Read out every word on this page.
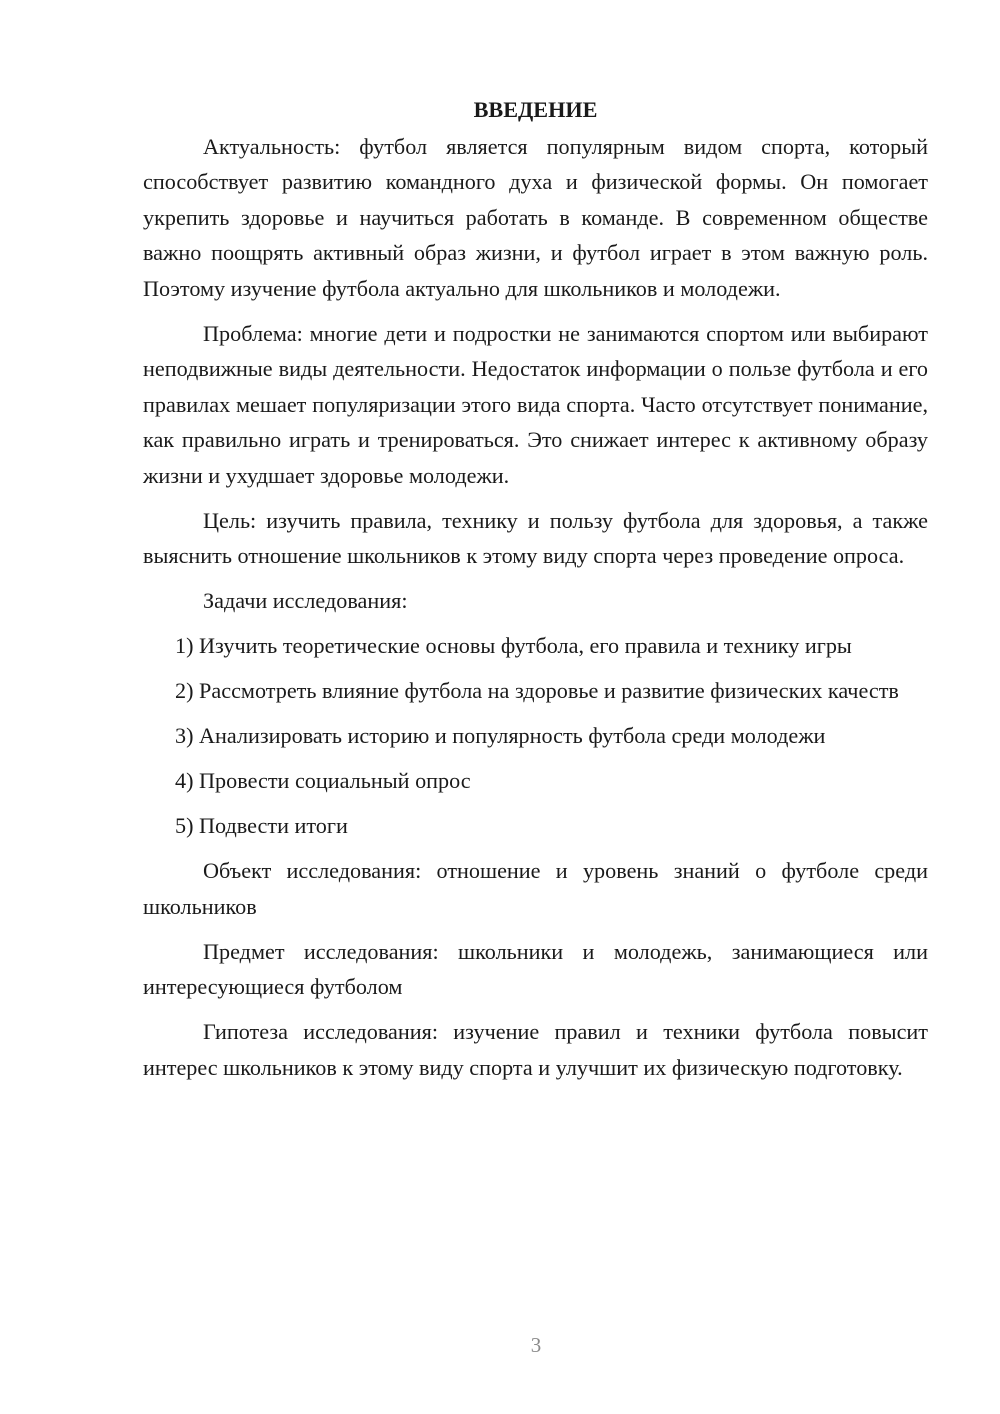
ВВЕДЕНИЕ

Актуальность: футбол является популярным видом спорта, который способствует развитию командного духа и физической формы. Он помогает укрепить здоровье и научиться работать в команде. В современном обществе важно поощрять активный образ жизни, и футбол играет в этом важную роль. Поэтому изучение футбола актуально для школьников и молодежи.

Проблема: многие дети и подростки не занимаются спортом или выбирают неподвижные виды деятельности. Недостаток информации о пользе футбола и его правилах мешает популяризации этого вида спорта. Часто отсутствует понимание, как правильно играть и тренироваться. Это снижает интерес к активному образу жизни и ухудшает здоровье молодежи.

Цель: изучить правила, технику и пользу футбола для здоровья, а также выяснить отношение школьников к этому виду спорта через проведение опроса.

Задачи исследования:

1) Изучить теоретические основы футбола, его правила и технику игры

2) Рассмотреть влияние футбола на здоровье и развитие физических качеств

3) Анализировать историю и популярность футбола среди молодежи

4) Провести социальный опрос

5) Подвести итоги

Объект исследования: отношение и уровень знаний о футболе среди школьников

Предмет исследования: школьники и молодежь, занимающиеся или интересующиеся футболом

Гипотеза исследования: изучение правил и техники футбола повысит интерес школьников к этому виду спорта и улучшит их физическую подготовку.

3
